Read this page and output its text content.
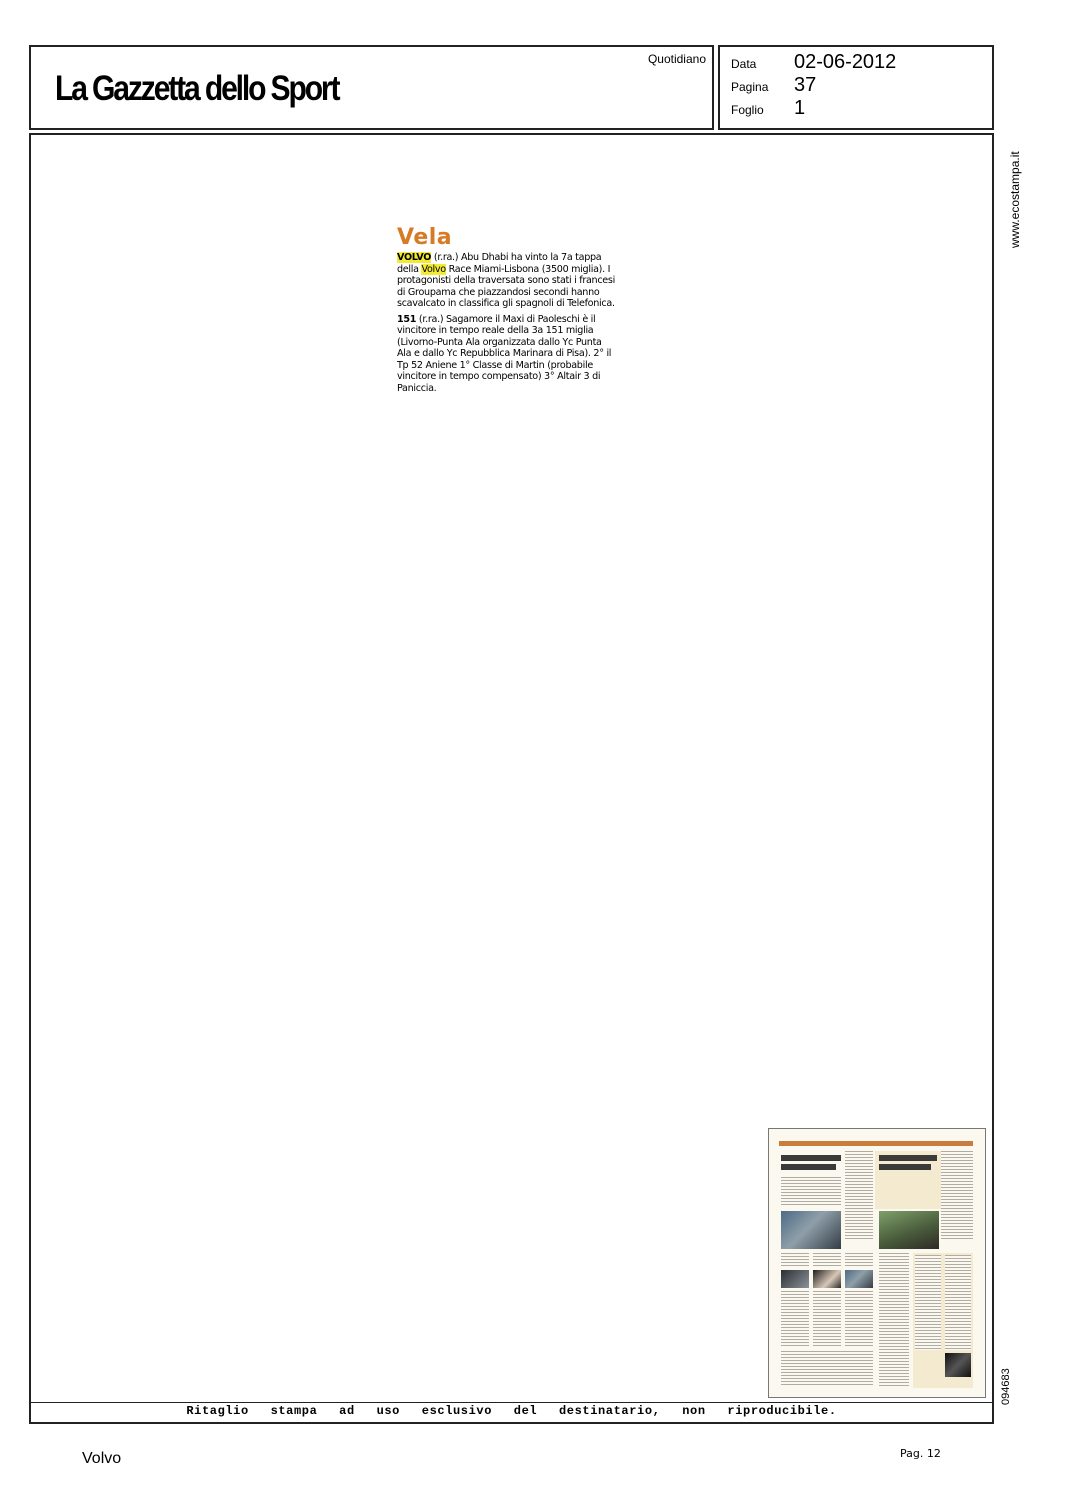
La Gazzetta dello Sport
Quotidiano Data 02-06-2012
Pagina 37
Foglio 1
www.ecostampa.it
094683
Vela

VOLVO (r.ra.) Abu Dhabi ha vinto la 7a tappa della Volvo Race Miami-Lisbona (3500 miglia). I protagonisti della traversata sono stati i francesi di Groupama che piazzandosi secondi hanno scavalcato in classifica gli spagnoli di Telefonica.

151 (r.ra.) Sagamore il Maxi di Paoleschi è il vincitore in tempo reale della 3a 151 miglia (Livorno-Punta Ala organizzata dallo Yc Punta Ala e dallo Yc Repubblica Marinara di Pisa). 2° il Tp 52 Aniene 1° Classe di Martin (probabile vincitore in tempo compensato) 3° Altair 3 di Paniccia.

Ritaglio stampa ad uso esclusivo del destinatario, non riproducibile.
Volvo	Pag. 12
